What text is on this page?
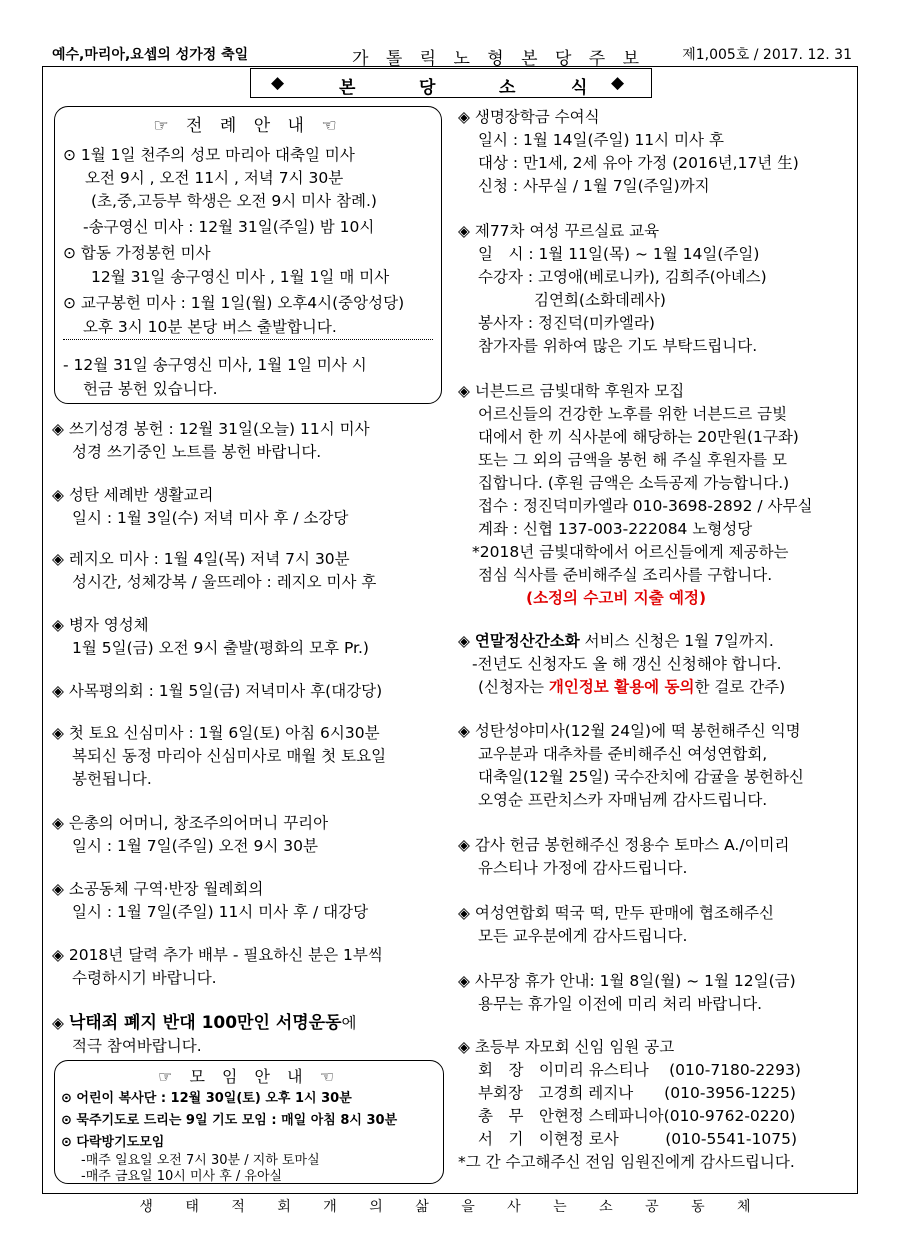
예수,마리아,요셉의 성가정 축일	가 톨 릭 노 형 본 당 주 보	제1,005호 / 2017. 12. 31
◆	본	당	소	식 ◆
☞ 전 례 안 내 ☜
⊙ 1월 1일 천주의 성모 마리아 대축일 미사
오전 9시 , 오전 11시 , 저녁 7시 30분
(초,중,고등부 학생은 오전 9시 미사 참례.)
-송구영신 미사 : 12월 31일(주일) 밤 10시
⊙ 합동 가정봉헌 미사
12월 31일 송구영신 미사 , 1월 1일 매 미사
⊙ 교구봉헌 미사 : 1월 1일(월) 오후4시(중앙성당)
오후 3시 10분 본당 버스 출발합니다.
- 12월 31일 송구영신 미사, 1월 1일 미사 시
헌금 봉헌 있습니다.
◈ 쓰기성경 봉헌 : 12월 31일(오늘) 11시 미사
성경 쓰기중인 노트를 봉헌 바랍니다.
◈ 성탄 세례반 생활교리
일시 : 1월 3일(수) 저녁 미사 후 / 소강당
◈ 레지오 미사 : 1월 4일(목) 저녁 7시 30분
성시간, 성체강복 / 울뜨레아 : 레지오 미사 후
◈ 병자 영성체
1월 5일(금) 오전 9시 출발(평화의 모후 Pr.)
◈ 사목평의회 : 1월 5일(금) 저녁미사 후(대강당)
◈ 첫 토요 신심미사 : 1월 6일(토) 아침 6시30분
복되신 동정 마리아 신심미사로 매월 첫 토요일
봉헌됩니다.
◈ 은총의 어머니, 창조주의어머니 꾸리아
일시 : 1월 7일(주일) 오전 9시 30분
◈ 소공동체 구역·반장 월례회의
일시 : 1월 7일(주일) 11시 미사 후 / 대강당
◈ 2018년 달력 추가 배부 - 필요하신 분은 1부씩
수령하시기 바랍니다.
◈ 낙태죄 폐지 반대 100만인 서명운동에
적극 참여바랍니다.
☞ 모 임 안 내 ☜
⊙ 어린이 복사단 : 12월 30일(토) 오후 1시 30분
⊙ 묵주기도로 드리는 9일 기도 모임 : 매일 아침 8시 30분
⊙ 다락방기도모임
-매주 일요일 오전 7시 30분 / 지하 토마실
-매주 금요일 10시 미사 후 / 유아실
◈ 생명장학금 수여식
일시 : 1월 14일(주일) 11시 미사 후
대상 : 만1세, 2세 유아 가정 (2016년,17년 生)
신청 : 사무실 / 1월 7일(주일)까지
◈ 제77차 여성 꾸르실료 교육
일　시 : 1월 11일(목) ~ 1월 14일(주일)
수강자 : 고영애(베로니카), 김희주(아녜스)
김연희(소화데레사)
봉사자 : 정진덕(미카엘라)
참가자를 위하여 많은 기도 부탁드립니다.
◈ 너븐드르 금빛대학 후원자 모집
어르신들의 건강한 노후를 위한 너븐드르 금빛
대에서 한 끼 식사분에 해당하는 20만원(1구좌)
또는 그 외의 금액을 봉헌 해 주실 후원자를 모
집합니다. (후원 금액은 소득공제 가능합니다.)
접수 : 정진덕미카엘라 010-3698-2892 / 사무실
계좌 : 신협 137-003-222084 노형성당
*2018년 금빛대학에서 어르신들에게 제공하는
점심 식사를 준비해주실 조리사를 구합니다.
(소정의 수고비 지출 예정)
◈ 연말정산간소화 서비스 신청은 1월 7일까지.
-전년도 신청자도 올 해 갱신 신청해야 합니다.
(신청자는 개인정보 활용에 동의한 걸로 간주)
◈ 성탄성야미사(12월 24일)에 떡 봉헌해주신 익명
교우분과 대추차를 준비해주신 여성연합회,
대축일(12월 25일) 국수잔치에 감귤을 봉헌하신
오영순 프란치스카 자매님께 감사드립니다.
◈ 감사 헌금 봉헌해주신 정용수 토마스 A./이미리
유스티나 가정에 감사드립니다.
◈ 여성연합회 떡국 떡, 만두 판매에 협조해주신
모든 교우분에게 감사드립니다.
◈ 사무장 휴가 안내: 1월 8일(월) ~ 1월 12일(금)
용무는 휴가일 이전에 미리 처리 바랍니다.
◈ 초등부 자모회 신임 임원 공고
회　장　이미리 유스티나　 (010-7180-2293)
부회장　고경희 레지나　　(010-3956-1225)
총　무　안현정 스테파니아(010-9762-0220)
서　기　이현정 로사　　　(010-5541-1075)
*그 간 수고해주신 전임 임원진에게 감사드립니다.
생 태 적 회 개 의 삶 을 사 는 소 공 동 체
